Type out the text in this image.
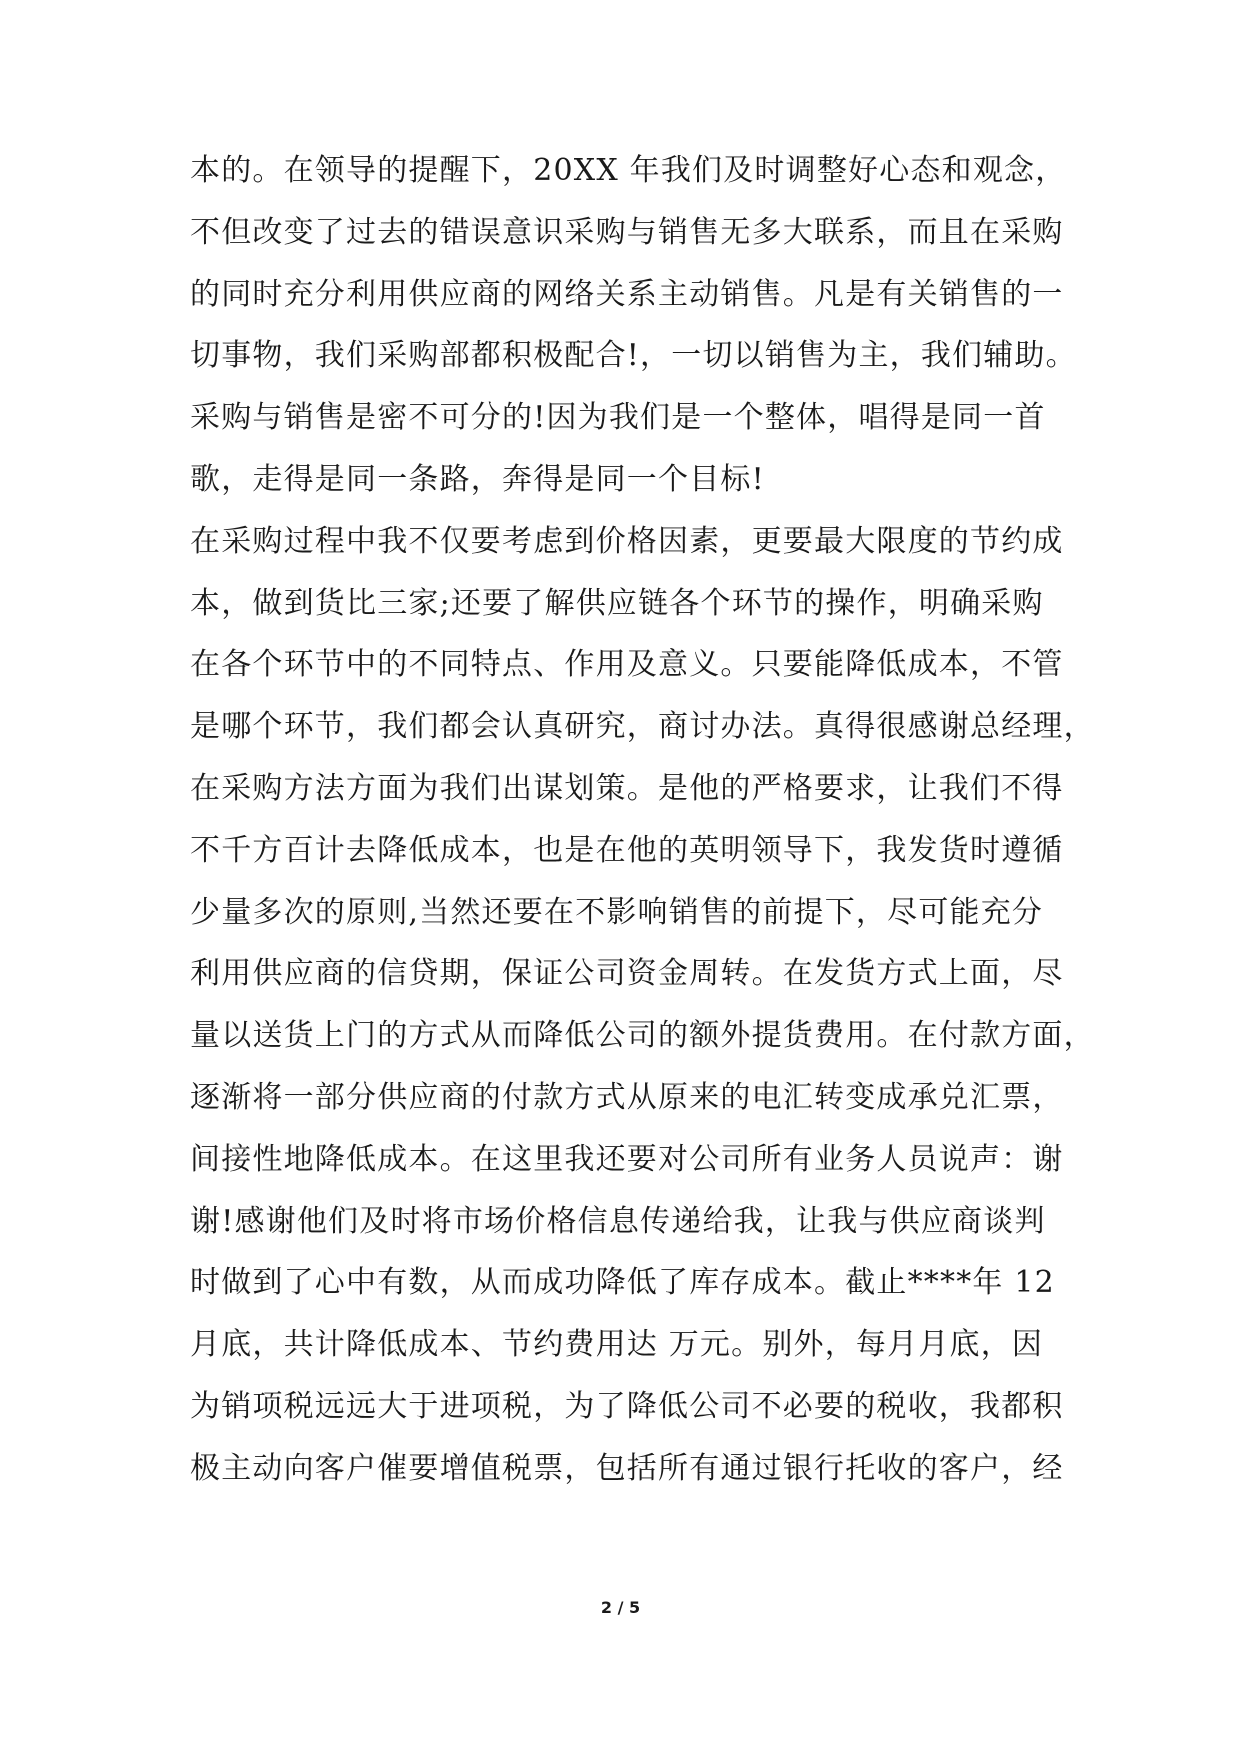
本的。在领导的提醒下，20XX 年我们及时调整好心态和观念，
不但改变了过去的错误意识采购与销售无多大联系，而且在采购
的同时充分利用供应商的网络关系主动销售。凡是有关销售的一
切事物，我们采购部都积极配合!，一切以销售为主，我们辅助。
采购与销售是密不可分的!因为我们是一个整体，唱得是同一首
歌，走得是同一条路，奔得是同一个目标!
在采购过程中我不仅要考虑到价格因素，更要最大限度的节约成
本，做到货比三家;还要了解供应链各个环节的操作，明确采购
在各个环节中的不同特点、作用及意义。只要能降低成本，不管
是哪个环节，我们都会认真研究，商讨办法。真得很感谢总经理，
在采购方法方面为我们出谋划策。是他的严格要求，让我们不得
不千方百计去降低成本，也是在他的英明领导下，我发货时遵循
少量多次的原则,当然还要在不影响销售的前提下，尽可能充分
利用供应商的信贷期，保证公司资金周转。在发货方式上面，尽
量以送货上门的方式从而降低公司的额外提货费用。在付款方面，
逐渐将一部分供应商的付款方式从原来的电汇转变成承兑汇票，
间接性地降低成本。在这里我还要对公司所有业务人员说声：谢
谢!感谢他们及时将市场价格信息传递给我，让我与供应商谈判
时做到了心中有数，从而成功降低了库存成本。截止****年 12
月底，共计降低成本、节约费用达 万元。别外，每月月底，因
为销项税远远大于进项税，为了降低公司不必要的税收，我都积
极主动向客户催要增值税票，包括所有通过银行托收的客户，经
2 / 5
